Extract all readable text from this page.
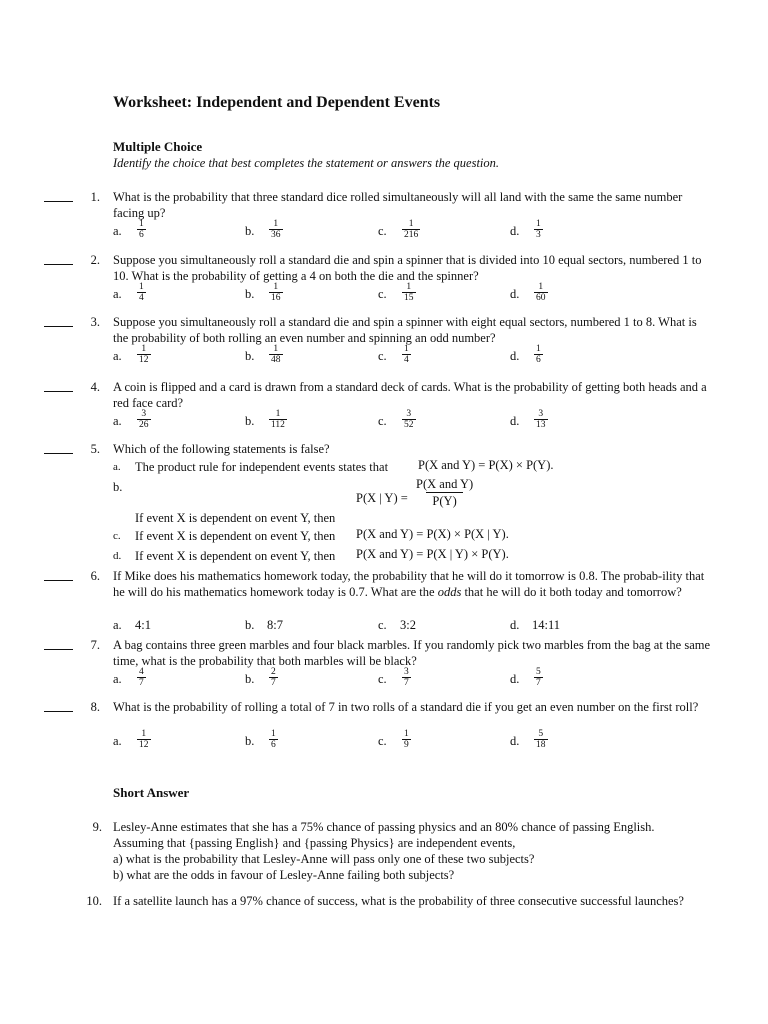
Worksheet: Independent and Dependent Events
Multiple Choice
Identify the choice that best completes the statement or answers the question.
1. What is the probability that three standard dice rolled simultaneously will all land with the same the same number facing up?
a. $\frac{1}{6}$	b. $\frac{1}{36}$	c. $\frac{1}{216}$	d. $\frac{1}{3}$
2. Suppose you simultaneously roll a standard die and spin a spinner that is divided into 10 equal sectors, numbered 1 to 10. What is the probability of getting a 4 on both the die and the spinner?
a. $\frac{1}{4}$	b. $\frac{1}{16}$	c. $\frac{1}{15}$	d. $\frac{1}{60}$
3. Suppose you simultaneously roll a standard die and spin a spinner with eight equal sectors, numbered 1 to 8. What is the probability of both rolling an even number and spinning an odd number?
a. $\frac{1}{12}$	b. $\frac{1}{48}$	c. $\frac{1}{4}$	d. $\frac{1}{6}$
4. A coin is flipped and a card is drawn from a standard deck of cards. What is the probability of getting both heads and a red face card?
a. $\frac{3}{26}$	b. $\frac{1}{112}$	c. $\frac{3}{52}$	d. $\frac{3}{13}$
5. Which of the following statements is false?
a. The product rule for independent events states that P(X and Y) = P(X) × P(Y).
b.
P(X | Y) =
P(X and Y)
P(Y)
If event X is dependent on event Y, then
c. If event X is dependent on event Y, then P(X and Y) = P(X) × P(X | Y).
d. If event X is dependent on event Y, then P(X and Y) = P(X | Y) × P(Y).
6. If Mike does his mathematics homework today, the probability that he will do it tomorrow is 0.8. The probab-ility that he will do his mathematics homework today is 0.7. What are the odds that he will do it both today and tomorrow?
a. 4:1	b. 8:7	c. 3:2	d. 14:11
7. A bag contains three green marbles and four black marbles. If you randomly pick two marbles from the bag at the same time, what is the probability that both marbles will be black?
a. $\frac{4}{7}$	b. $\frac{2}{7}$	c. $\frac{3}{7}$	d. $\frac{5}{7}$
8. What is the probability of rolling a total of 7 in two rolls of a standard die if you get an even number on the first roll?
a. $\frac{1}{12}$	b. $\frac{1}{6}$	c. $\frac{1}{9}$	d. $\frac{5}{18}$
Short Answer
9. Lesley-Anne estimates that she has a 75% chance of passing physics and an 80% chance of passing English.
Assuming that {passing English} and {passing Physics} are independent events,
a) what is the probability that Lesley-Anne will pass only one of these two subjects?
b) what are the odds in favour of Lesley-Anne failing both subjects?
10. If a satellite launch has a 97% chance of success, what is the probability of three consecutive successful launches?
